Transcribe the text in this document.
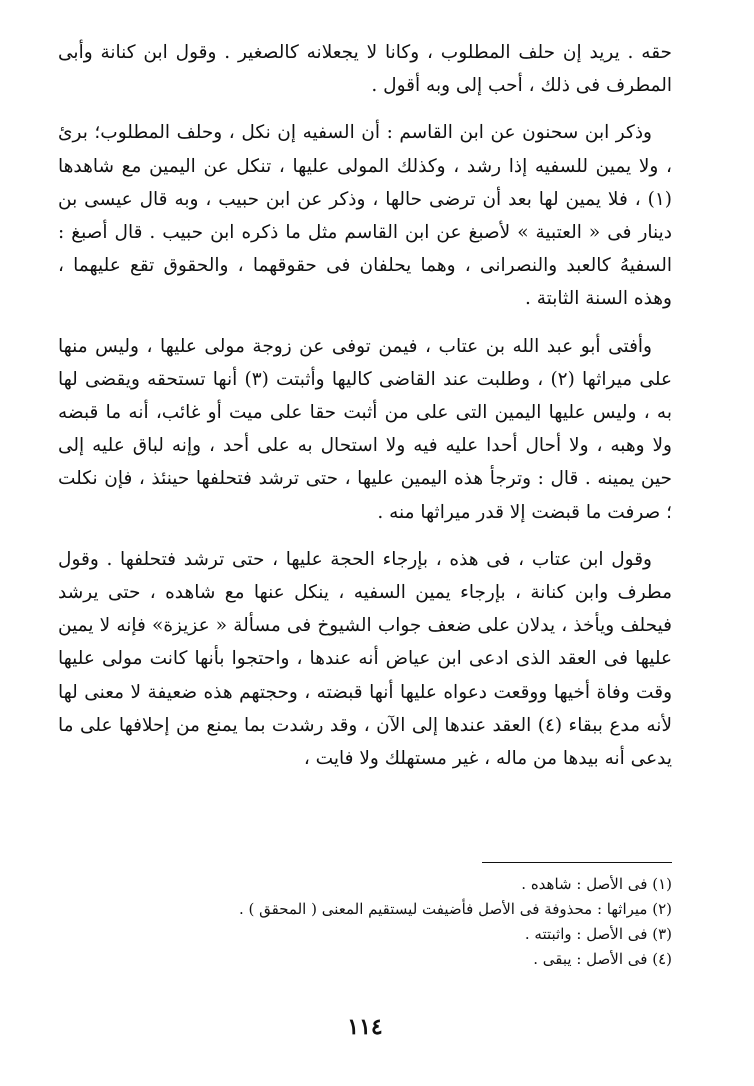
حقه . يريد إن حلف المطلوب ، وكانا لا يجعلانه كالصغير . وقول ابن كنانة وأبى المطرف فى ذلك ، أحب إلى وبه أقول .

وذكر ابن سحنون عن ابن القاسم : أن السفيه إن نكل ، وحلف المطلوب؛ برئ ، ولا يمين للسفيه إذا رشد ، وكذلك المولى عليها ، تنكل عن اليمين مع شاهدها (١) ، فلا يمين لها بعد أن ترضى حالها ، وذكر عن ابن حبيب ، وبه قال عيسى بن دينار فى « العتبية » لأصبغ عن ابن القاسم مثل ما ذكره ابن حبيب . قال أصبغ : السفيهُ كالعبد والنصرانى ، وهما يحلفان فى حقوقهما ، والحقوق تقع عليهما ، وهذه السنة الثابتة .

وأفتى أبو عبد الله بن عتاب ، فيمن توفى عن زوجة مولى عليها ، وليس منها على ميراثها (٢) ، وطلبت عند القاضى كاليها وأثبتت (٣) أنها تستحقه ويقضى لها به ، وليس عليها اليمين التى على من أثبت حقا على ميت أو غائب، أنه ما قبضه ولا وهبه ، ولا أحال أحدا عليه فيه ولا استحال به على أحد ، وإنه لباق عليه إلى حين يمينه . قال : وترجأ هذه اليمين عليها ، حتى ترشد فتحلفها حينئذ ، فإن نكلت ؛ صرفت ما قبضت إلا قدر ميراثها منه .

وقول ابن عتاب ، فى هذه ، بإرجاء الحجة عليها ، حتى ترشد فتحلفها . وقول مطرف وابن كنانة ، بإرجاء يمين السفيه ، ينكل عنها مع شاهده ، حتى يرشد فيحلف ويأخذ ، يدلان على ضعف جواب الشيوخ فى مسألة « عزيزة» فإنه لا يمين عليها فى العقد الذى ادعى ابن عياض أنه عندها ، واحتجوا بأنها كانت مولى عليها وقت وفاة أخيها ووقعت دعواه عليها أنها قبضته ، وحجتهم هذه ضعيفة لا معنى لها لأنه مدع ببقاء (٤) العقد عندها إلى الآن ، وقد رشدت بما يمنع من إحلافها على ما يدعى أنه بيدها من ماله ، غير مستهلك ولا فايت ،

(١) فى الأصل : شاهده .
(٢) ميراثها : محذوفة فى الأصل فأضيفت ليستقيم المعنى ( المحقق ) .
(٣) فى الأصل : واثبتته .
(٤) فى الأصل : يبقى .
١١٤
